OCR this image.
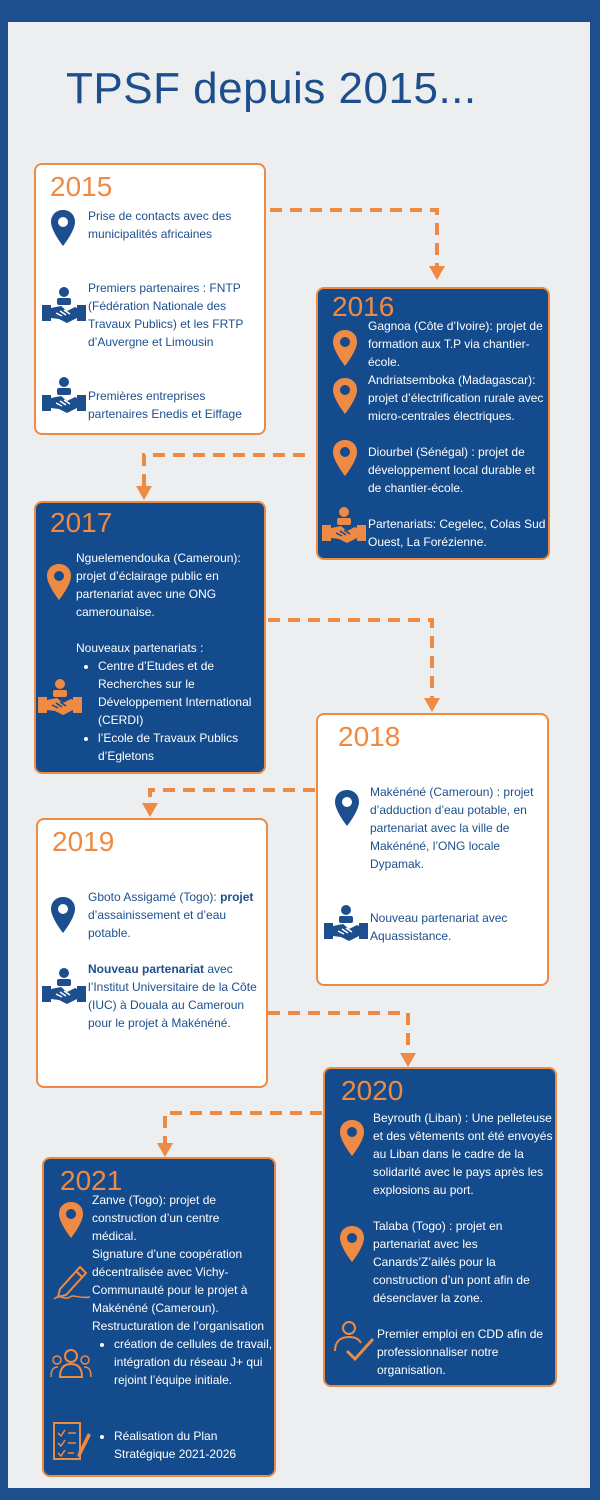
TPSF depuis 2015...
2015
Prise de contacts avec des municipalités africaines
Premiers partenaires : FNTP (Fédération Nationale des Travaux Publics) et les FRTP d’Auvergne et Limousin
Premières entreprises partenaires Enedis et Eiffage
2016
Gagnoa (Côte d’Ivoire): projet de formation aux T.P via chantier-école.
Andriatsemboka (Madagascar): projet d’électrification rurale avec micro-centrales électriques.
Diourbel (Sénégal) : projet de développement local durable et de chantier-école.
Partenariats: Cegelec, Colas Sud Ouest, La Forézienne.
2017
Nguelemendouka (Cameroun): projet d’éclairage public en partenariat avec une ONG camerounaise.
Nouveaux partenariats :
• Centre d’Etudes et de Recherches sur le Développement International (CERDI)
• l’Ecole de Travaux Publics d’Egletons
2018
Makénéné (Cameroun) : projet d’adduction d’eau potable, en partenariat avec la ville de Makénéné, l’ONG locale Dypamak.
Nouveau partenariat avec Aquassistance.
2019
Gboto Assigamé (Togo): projet d’assainissement et d’eau potable.
Nouveau partenariat avec l’Institut Universitaire de la Côte (IUC) à Douala au Cameroun pour le projet à Makénéné.
2020
Beyrouth (Liban) : Une pelleteuse et des vêtements ont été envoyés au Liban dans le cadre de la solidarité avec le pays après les explosions au port.
Talaba (Togo) : projet en partenariat avec les Canards’Z’ailés pour la construction d’un pont afin de désenclaver la zone.
Premier emploi en CDD afin de professionnaliser notre organisation.
2021
Zanve (Togo): projet de construction d’un centre médical.
Signature d’une coopération décentralisée avec Vichy-Communauté pour le projet à Makénéné (Cameroun).
Restructuration de l’organisation
• création de cellules de travail, intégration du réseau J+ qui rejoint l’équipe initiale.
• Réalisation du Plan Stratégique 2021-2026
